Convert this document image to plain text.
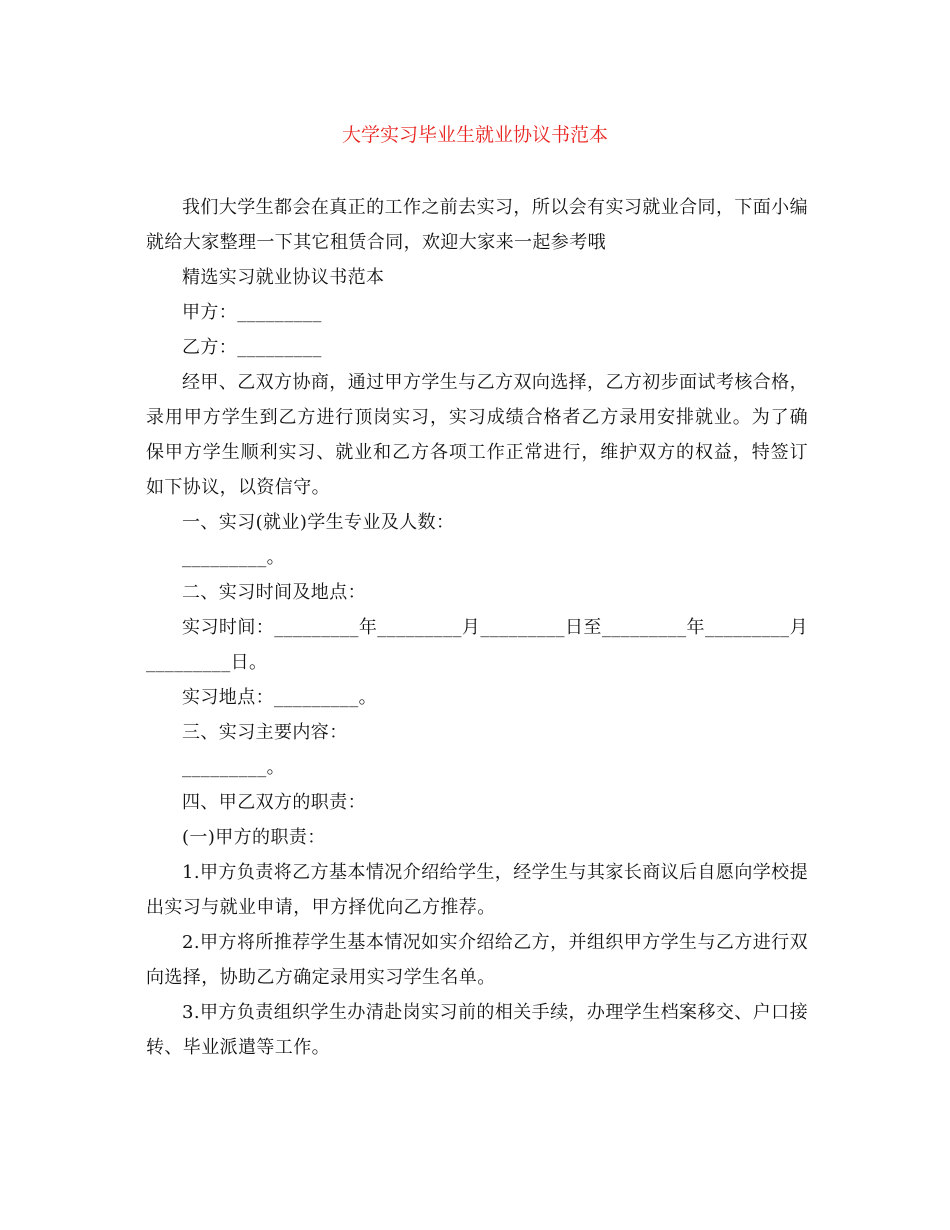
大学实习毕业生就业协议书范本

我们大学生都会在真正的工作之前去实习，所以会有实习就业合同，下面小编就给大家整理一下其它租赁合同，欢迎大家来一起参考哦

精选实习就业协议书范本

甲方：_________

乙方：_________

经甲、乙双方协商，通过甲方学生与乙方双向选择，乙方初步面试考核合格，录用甲方学生到乙方进行顶岗实习，实习成绩合格者乙方录用安排就业。为了确保甲方学生顺利实习、就业和乙方各项工作正常进行，维护双方的权益，特签订如下协议，以资信守。

一、实习(就业)学生专业及人数：

_________。

二、实习时间及地点：

实习时间：_________年_________月_________日至_________年_________月_________日。

实习地点：_________。

三、实习主要内容：

_________。

四、甲乙双方的职责：

(一)甲方的职责：

1.甲方负责将乙方基本情况介绍给学生，经学生与其家长商议后自愿向学校提出实习与就业申请，甲方择优向乙方推荐。

2.甲方将所推荐学生基本情况如实介绍给乙方，并组织甲方学生与乙方进行双向选择，协助乙方确定录用实习学生名单。

3.甲方负责组织学生办清赴岗实习前的相关手续，办理学生档案移交、户口接转、毕业派遣等工作。
